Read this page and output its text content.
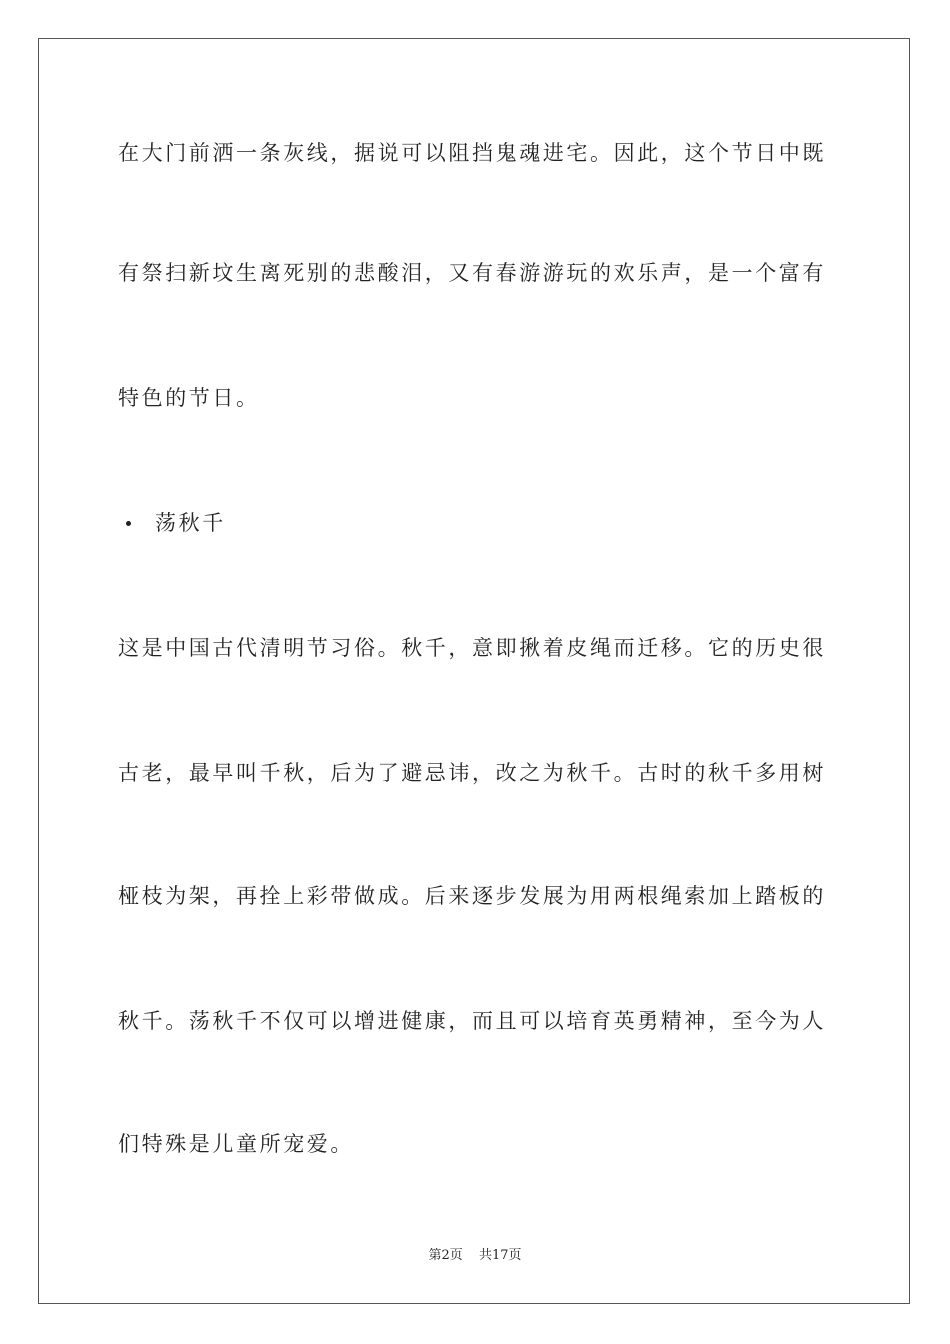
在大门前洒一条灰线，据说可以阻挡鬼魂进宅。因此，这个节日中既
有祭扫新坟生离死别的悲酸泪，又有春游游玩的欢乐声，是一个富有
特色的节日。
荡秋千
这是中国古代清明节习俗。秋千，意即揪着皮绳而迁移。它的历史很
古老，最早叫千秋，后为了避忌讳，改之为秋千。古时的秋千多用树
桠枝为架，再拴上彩带做成。后来逐步发展为用两根绳索加上踏板的
秋千。荡秋千不仅可以增进健康，而且可以培育英勇精神，至今为人
们特殊是儿童所宠爱。
第2页 共17页
